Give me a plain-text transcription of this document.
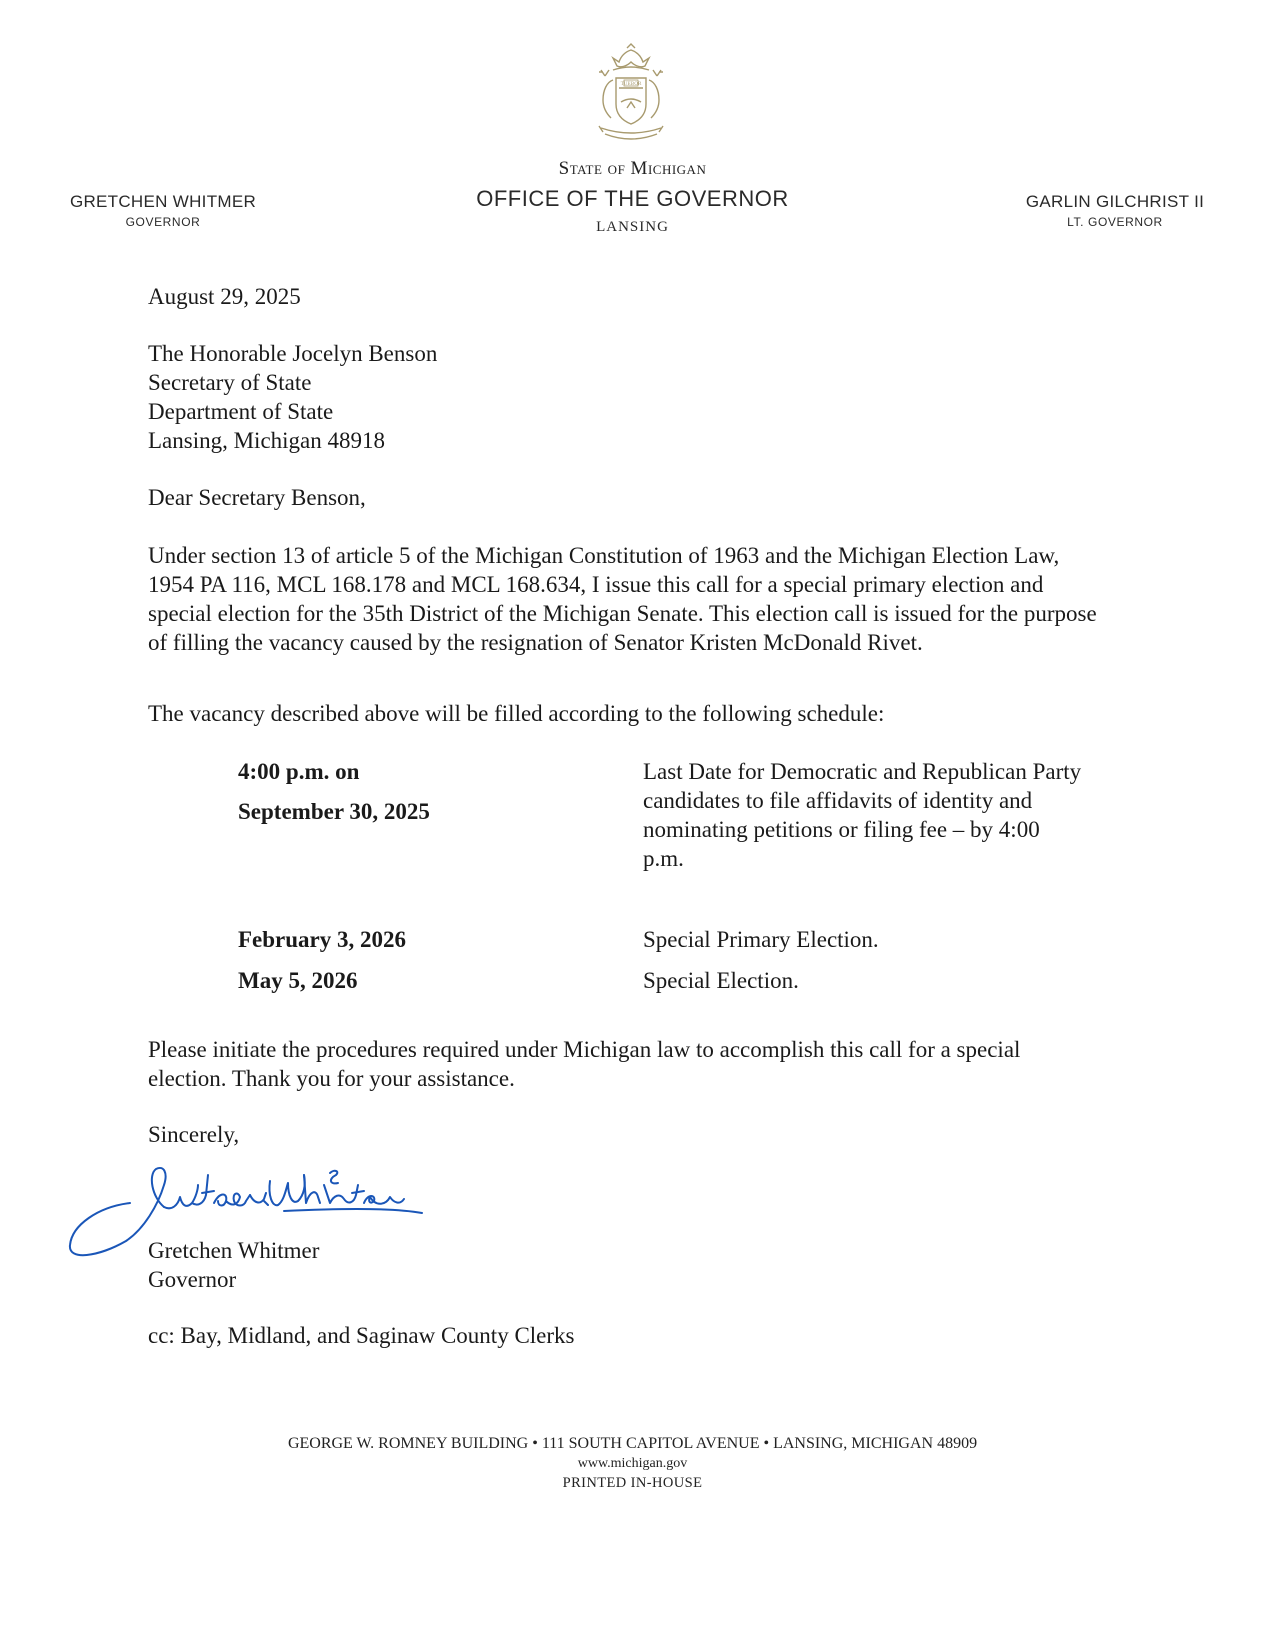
TUEBOR
State of Michigan
OFFICE OF THE GOVERNOR
LANSING
GRETCHEN WHITMER
GOVERNOR
GARLIN GILCHRIST II
LT. GOVERNOR
August 29, 2025
The Honorable Jocelyn Benson
Secretary of State
Department of State
Lansing, Michigan 48918
Dear Secretary Benson,
Under section 13 of article 5 of the Michigan Constitution of 1963 and the Michigan Election Law, 1954 PA 116, MCL 168.178 and MCL 168.634, I issue this call for a special primary election and special election for the 35th District of the Michigan Senate. This election call is issued for the purpose of filling the vacancy caused by the resignation of Senator Kristen McDonald Rivet.
The vacancy described above will be filled according to the following schedule:
4:00 p.m. on
September 30, 2025
Last Date for Democratic and Republican Party candidates to file affidavits of identity and nominating petitions or filing fee – by 4:00 p.m.
February 3, 2026	Special Primary Election.
May 5, 2026	Special Election.
Please initiate the procedures required under Michigan law to accomplish this call for a special election. Thank you for your assistance.
Sincerely,
Gretchen Whitmer
Governor
cc: Bay, Midland, and Saginaw County Clerks
GEORGE W. ROMNEY BUILDING • 111 SOUTH CAPITOL AVENUE • LANSING, MICHIGAN 48909
www.michigan.gov
PRINTED IN-HOUSE
